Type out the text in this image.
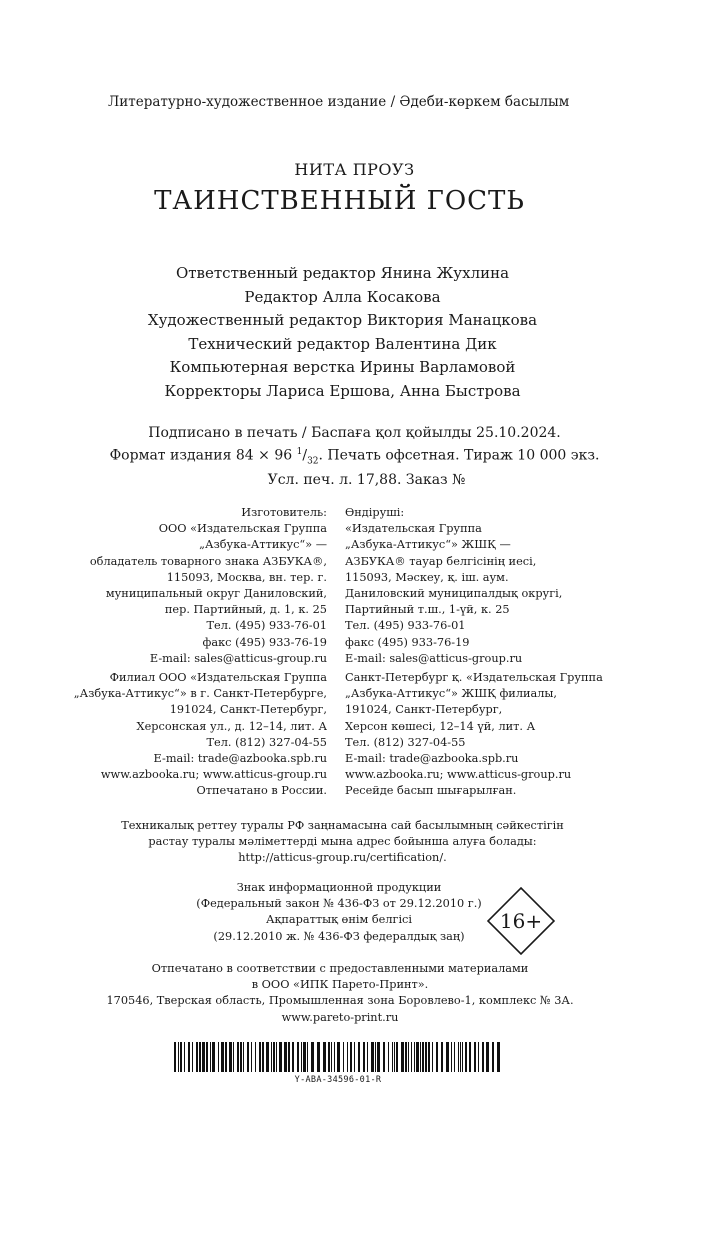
Литературно-художественное издание / Әдеби-көркем басылым
НИТА ПРОУЗ
ТАИНСТВЕННЫЙ ГОСТЬ
Ответственный редактор Янина Жухлина
Редактор Алла Косакова
Художественный редактор Виктория Манацкова
Технический редактор Валентина Дик
Компьютерная верстка Ирины Варламовой
Корректоры Лариса Ершова, Анна Быстрова
Подписано в печать / Баспаға қол қойылды 25.10.2024.
Формат издания 84 × 96 $^1/_{32}$. Печать офсетная. Тираж 10 000 экз.
Усл. печ. л. 17,88. Заказ №
Изготовитель:
ООО «Издательская Группа
„Азбука-Аттикус“» —
обладатель товарного знака АЗБУКА®,
115093, Москва, вн. тер. г.
муниципальный округ Даниловский,
пер. Партийный, д. 1, к. 25
Тел. (495) 933-76-01
факс (495) 933-76-19
E-mail: sales@atticus-group.ru
Өндіруші:
«Издательская Группа
„Азбука-Аттикус“» ЖШҚ —
АЗБУКА® тауар белгісінің иесі,
115093, Мәскеу, қ. іш. аум.
Даниловский муниципалдық округі,
Партийный т.ш., 1-үй, к. 25
Тел. (495) 933-76-01
факс (495) 933-76-19
E-mail: sales@atticus-group.ru
Филиал ООО «Издательская Группа
„Азбука-Аттикус“» в г. Санкт-Петербурге,
191024, Санкт-Петербург,
Херсонская ул., д. 12–14, лит. А
Тел. (812) 327-04-55
E-mail: trade@azbooka.spb.ru
Санкт-Петербург қ. «Издательская Группа
„Азбука-Аттикус“» ЖШҚ филиалы,
191024, Санкт-Петербург,
Херсон көшесі, 12–14 үй, лит. А
Тел. (812) 327-04-55
E-mail: trade@azbooka.spb.ru
www.azbooka.ru; www.atticus-group.ru
Отпечатано в России.
www.azbooka.ru; www.atticus-group.ru
Ресейде басып шығарылған.
Техникалық реттеу туралы РФ заңнамасына сай басылымның сәйкестігін
растау туралы мәліметтерді мына адрес бойынша алуға болады:
http://atticus-group.ru/certification/.
Знак информационной продукции
(Федеральный закон № 436-ФЗ от 29.12.2010 г.)
Ақпараттық өнім белгісі
(29.12.2010 ж. № 436-ФЗ федералдық заң)
16+
Отпечатано в соответствии с предоставленными материалами
в ООО «ИПК Парето-Принт».
170546, Тверская область, Промышленная зона Боровлево-1, комплекс № 3А.
www.pareto-print.ru
Y-ABA-34596-01-R
